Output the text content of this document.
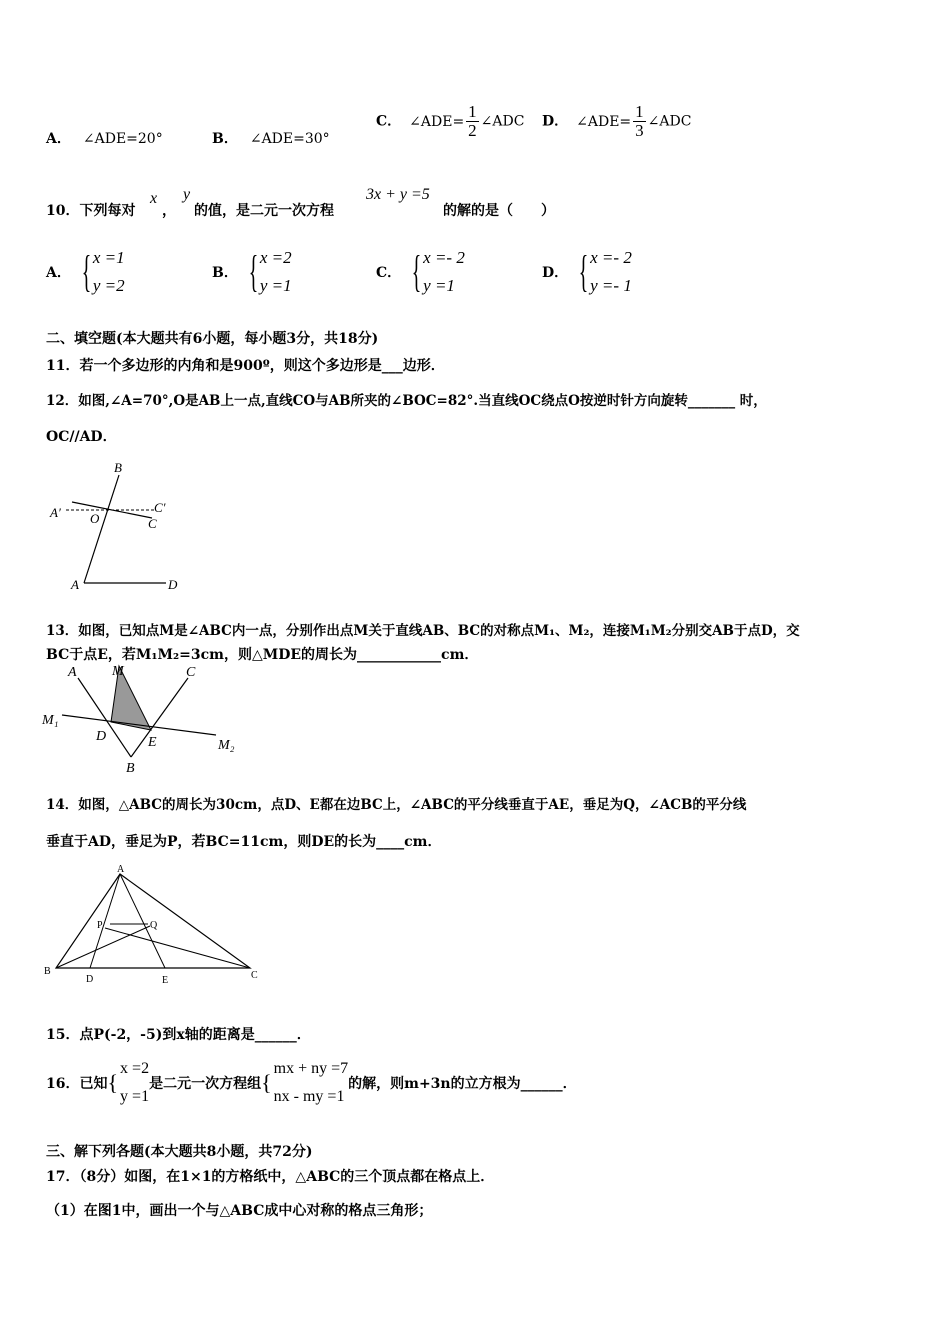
A． ∠ADE=20°	B． ∠ADE=30°
C． ∠ADE= $\frac{1}{2}$ ∠ADC D． ∠ADE= $\frac{1}{3}$ ∠ADC
10．下列每对
x
，
y
的值，是二元一次方程
3x + y =5
的解的是（　　）
A． { x =1
y =2
B． { x =2
y =1
C． { x =- 2
y =1
D． { x =- 2
y =- 1
二、填空题(本大题共有6小题，每小题3分，共18分)
11．若一个多边形的内角和是900º，则这个多边形是___边形．
12．如图,∠A=70°,O是AB上一点,直线CO与AB所夹的∠BOC=82°.当直线OC绕点O按逆时针方向旋转_______ 时，
OC//AD．
B
A′ O
C′
C
A	D
13．如图，已知点M是∠ABC内一点，分别作出点M关于直线AB、BC的对称点M₁、M₂，连接M₁M₂分别交AB于点D，交
BC于点E，若M₁M₂=3cm，则△MDE的周长为____________cm．
A	M	C
M₁
D	E	M₂
B
14．如图，△ABC的周长为30cm，点D、E都在边BC上，∠ABC的平分线垂直于AE，垂足为Q，∠ACB的平分线
垂直于AD，垂足为P，若BC=11cm，则DE的长为____cm．
A
P	Q
B
D	E	C
15．点P(-2，-5)到x轴的距离是______．
16．已知 {
x =2
y =1
是二元一次方程组 {
mx + ny =7
nx - my =1
的解，则m+3n的立方根为______．
三、解下列各题(本大题共8小题，共72分)
17．（8分）如图，在1×1的方格纸中，△ABC的三个顶点都在格点上．
（1）在图1中，画出一个与△ABC成中心对称的格点三角形；
